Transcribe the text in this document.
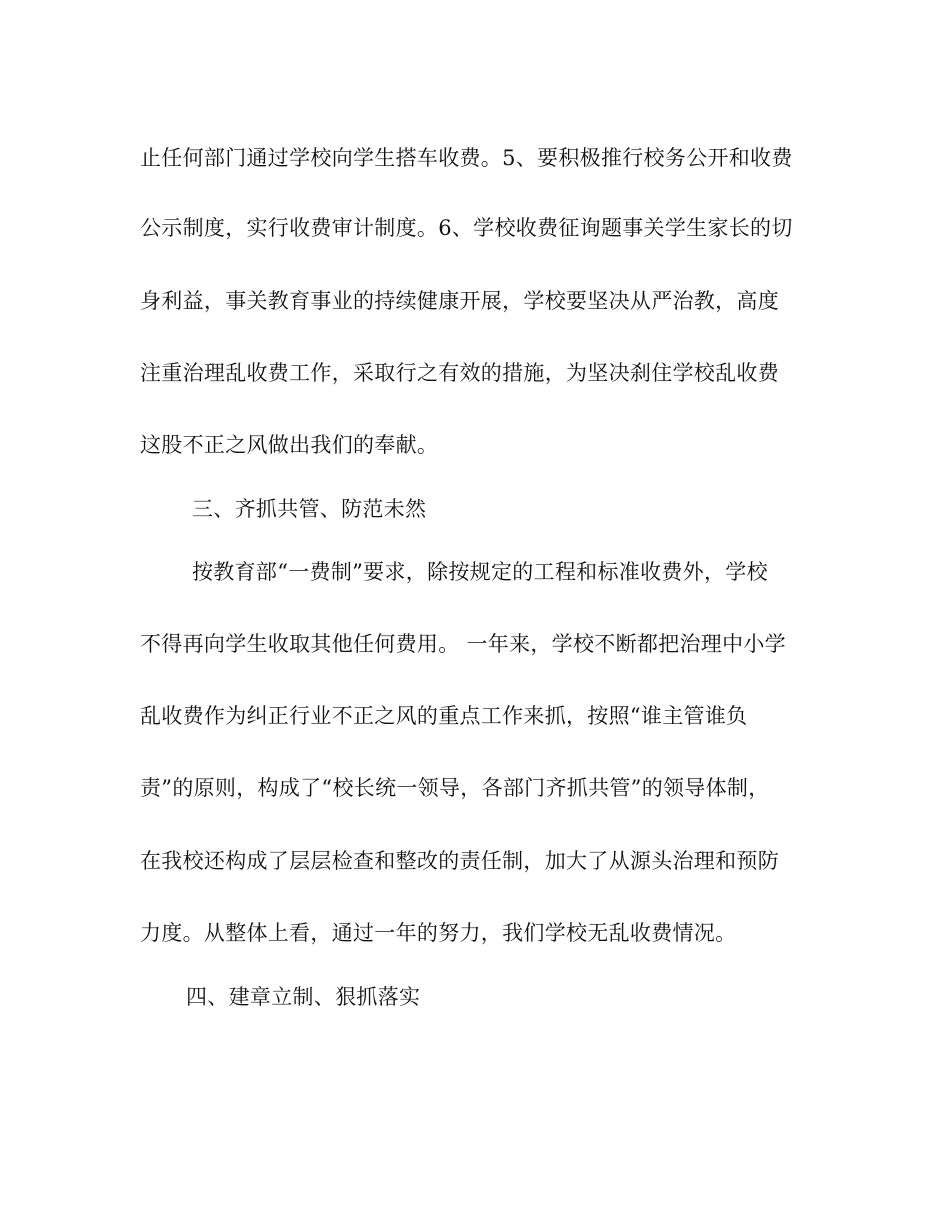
止任何部门通过学校向学生搭车收费。5、要积极推行校务公开和收费
公示制度，实行收费审计制度。6、学校收费征询题事关学生家长的切
身利益，事关教育事业的持续健康开展，学校要坚决从严治教，高度
注重治理乱收费工作，采取行之有效的措施，为坚决刹住学校乱收费
这股不正之风做出我们的奉献。
三、齐抓共管、防范未然
按教育部“一费制”要求，除按规定的工程和标准收费外，学校
不得再向学生收取其他任何费用。 一年来，学校不断都把治理中小学
乱收费作为纠正行业不正之风的重点工作来抓，按照“谁主管谁负
责”的原则，构成了“校长统一领导，各部门齐抓共管”的领导体制，
在我校还构成了层层检查和整改的责任制，加大了从源头治理和预防
力度。从整体上看，通过一年的努力，我们学校无乱收费情况。
四、建章立制、狠抓落实
